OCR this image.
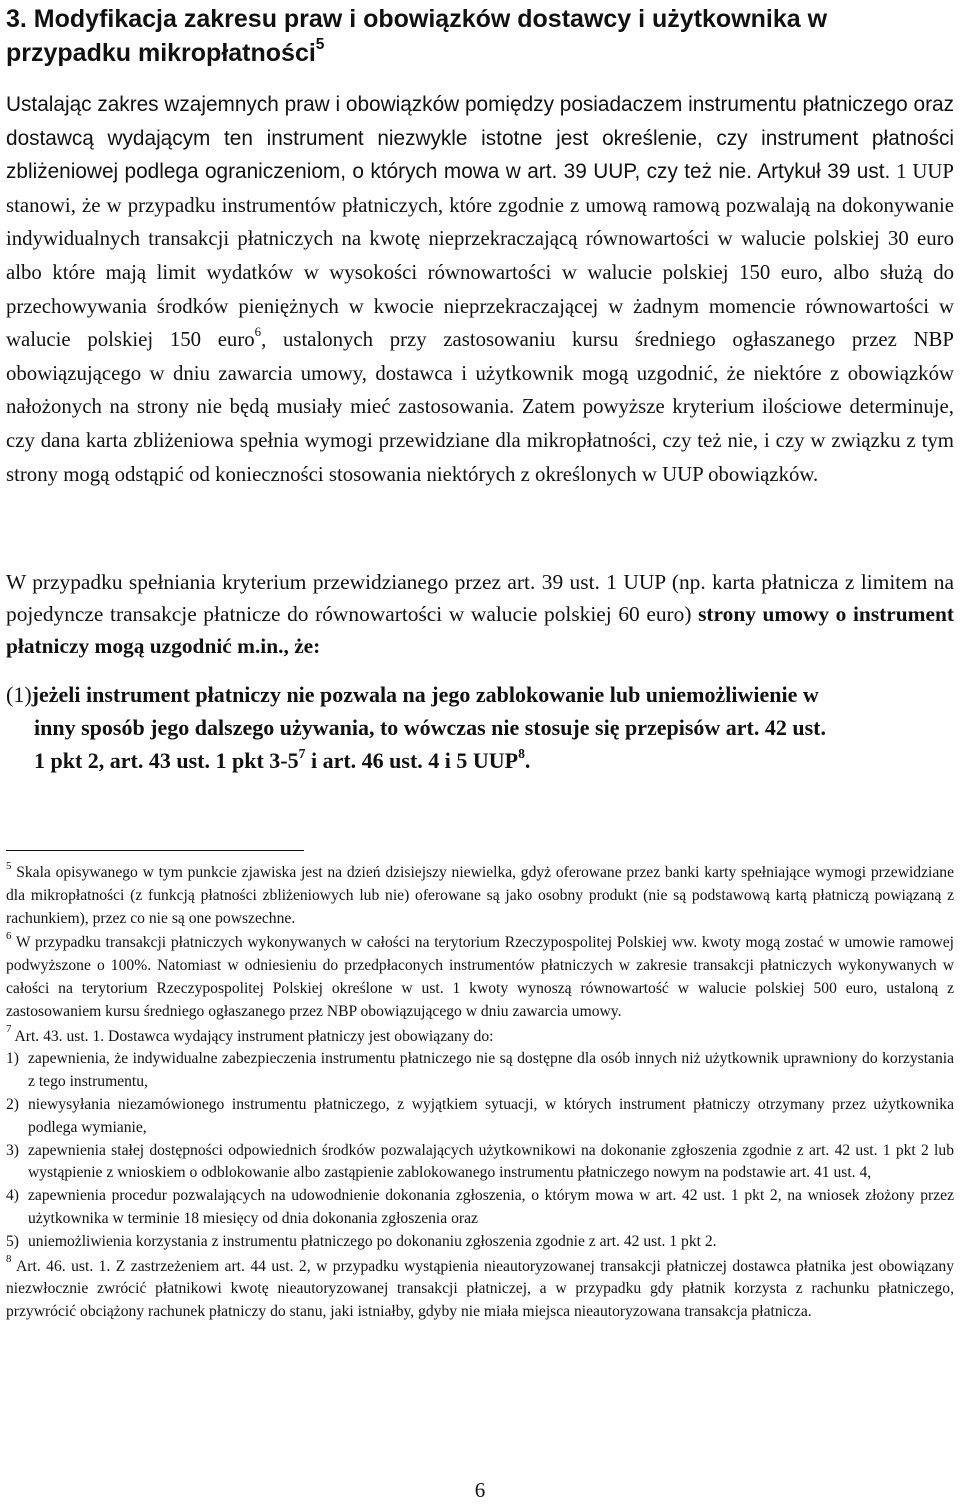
3. Modyfikacja zakresu praw i obowiązków dostawcy i użytkownika w przypadku mikropłatności$^5$

Ustalając zakres wzajemnych praw i obowiązków pomiędzy posiadaczem instrumentu płatniczego oraz dostawcą wydającym ten instrument niezwykle istotne jest określenie, czy instrument płatności zbliżeniowej podlega ograniczeniom, o których mowa w art. 39 UUP, czy też nie. Artykuł 39 ust. 1 UUP stanowi, że w przypadku instrumentów płatniczych, które zgodnie z umową ramową pozwalają na dokonywanie indywidualnych transakcji płatniczych na kwotę nieprzekraczającą równowartości w walucie polskiej 30 euro albo które mają limit wydatków w wysokości równowartości w walucie polskiej 150 euro, albo służą do przechowywania środków pieniężnych w kwocie nieprzekraczającej w żadnym momencie równowartości w walucie polskiej 150 euro$^6$, ustalonych przy zastosowaniu kursu średniego ogłaszanego przez NBP obowiązującego w dniu zawarcia umowy, dostawca i użytkownik mogą uzgodnić, że niektóre z obowiązków nałożonych na strony nie będą musiały mieć zastosowania. Zatem powyższe kryterium ilościowe determinuje, czy dana karta zbliżeniowa spełnia wymogi przewidziane dla mikropłatności, czy też nie, i czy w związku z tym strony mogą odstąpić od konieczności stosowania niektórych z określonych w UUP obowiązków.

W przypadku spełniania kryterium przewidzianego przez art. 39 ust. 1 UUP (np. karta płatnicza z limitem na pojedyncze transakcje płatnicze do równowartości w walucie polskiej 60 euro) strony umowy o instrument płatniczy mogą uzgodnić m.in., że:

(1)jeżeli instrument płatniczy nie pozwala na jego zablokowanie lub uniemożliwienie w
inny sposób jego dalszego używania, to wówczas nie stosuje się przepisów art. 42 ust.
1 pkt 2, art. 43 ust. 1 pkt $3-5^7$ i art. 46 ust. 4 i 5 UUP$^8$.

$^5$ Skala opisywanego w tym punkcie zjawiska jest na dzień dzisiejszy niewielka, gdyż oferowane przez banki karty spełniające wymogi przewidziane dla mikropłatności (z funkcją płatności zbliżeniowych lub nie) oferowane są jako osobny produkt (nie są podstawową kartą płatniczą powiązaną z rachunkiem), przez co nie są one powszechne.

$^6$ W przypadku transakcji płatniczych wykonywanych w całości na terytorium Rzeczypospolitej Polskiej ww. kwoty mogą zostać w umowie ramowej podwyższone o 100%. Natomiast w odniesieniu do przedpłaconych instrumentów płatniczych w zakresie transakcji płatniczych wykonywanych w całości na terytorium Rzeczypospolitej Polskiej określone w ust. 1 kwoty wynoszą równowartość w walucie polskiej 500 euro, ustaloną z zastosowaniem kursu średniego ogłaszanego przez NBP obowiązującego w dniu zawarcia umowy.

$^7$ Art. 43. ust. 1. Dostawca wydający instrument płatniczy jest obowiązany do:

1) zapewnienia, że indywidualne zabezpieczenia instrumentu płatniczego nie są dostępne dla osób innych niż użytkownik uprawniony do korzystania z tego instrumentu,
2) niewysyłania niezamówionego instrumentu płatniczego, z wyjątkiem sytuacji, w których instrument płatniczy otrzymany przez użytkownika podlega wymianie,
3) zapewnienia stałej dostępności odpowiednich środków pozwalających użytkownikowi na dokonanie zgłoszenia zgodnie z art. 42 ust. 1 pkt 2 lub wystąpienie z wnioskiem o odblokowanie albo zastąpienie zablokowanego instrumentu płatniczego nowym na podstawie art. 41 ust. 4,
4) zapewnienia procedur pozwalających na udowodnienie dokonania zgłoszenia, o którym mowa w art. 42 ust. 1 pkt 2, na wniosek złożony przez użytkownika w terminie 18 miesięcy od dnia dokonania zgłoszenia oraz
5) uniemożliwienia korzystania z instrumentu płatniczego po dokonaniu zgłoszenia zgodnie z art. 42 ust. 1 pkt 2.

$^8$ Art. 46. ust. 1. Z zastrzeżeniem art. 44 ust. 2, w przypadku wystąpienia nieautoryzowanej transakcji płatniczej dostawca płatnika jest obowiązany niezwłocznie zwrócić płatnikowi kwotę nieautoryzowanej transakcji płatniczej, a w przypadku gdy płatnik korzysta z rachunku płatniczego, przywrócić obciążony rachunek płatniczy do stanu, jaki istniałby, gdyby nie miała miejsca nieautoryzowana transakcja płatnicza.

6
